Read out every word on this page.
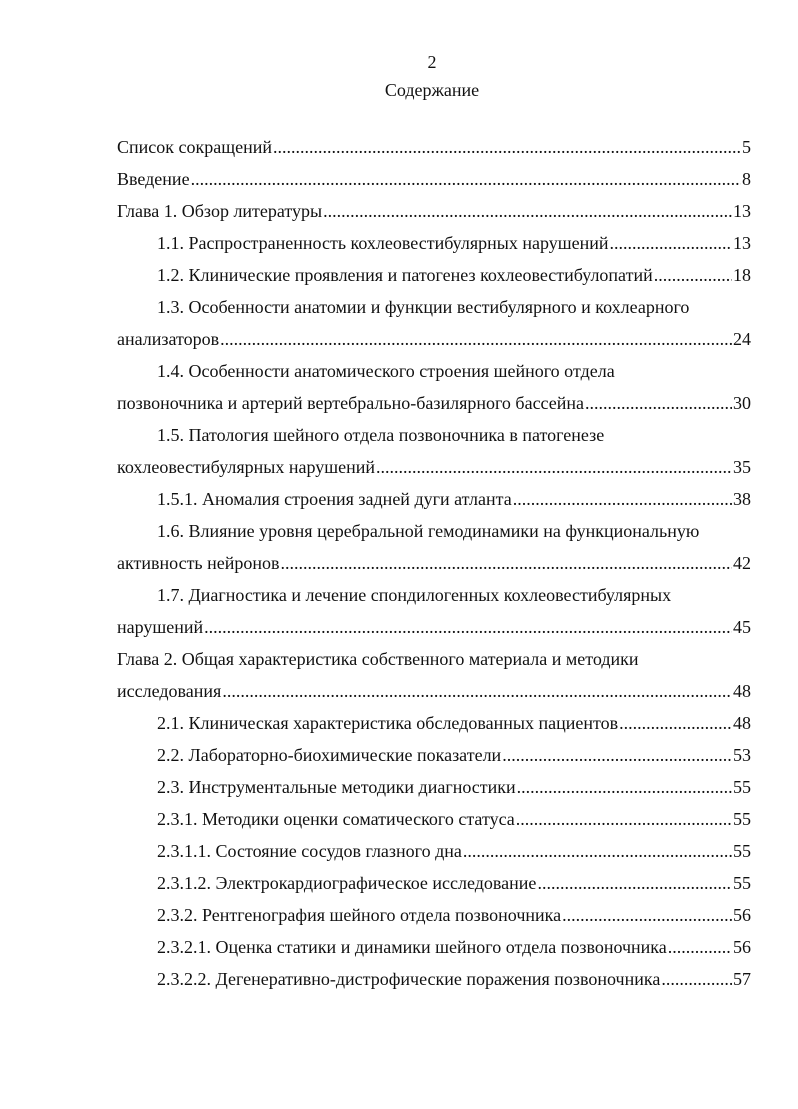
2
Содержание
Список сокращений .....	5
Введение .....	8
Глава 1. Обзор литературы .....	13
1.1. Распространенность кохлеовестибулярных нарушений .....	13
1.2. Клинические проявления и патогенез кохлеовестибулопатий .....	18
1.3. Особенности анатомии и функции вестибулярного и кохлеарного
анализаторов .....	24
1.4. Особенности анатомического строения шейного отдела
позвоночника и артерий вертебрально-базилярного бассейна .....	30
1.5. Патология шейного отдела позвоночника в патогенезе
кохлеовестибулярных нарушений .....	35
1.5.1. Аномалия строения задней дуги атланта .....	38
1.6. Влияние уровня церебральной гемодинамики на функциональную
активность нейронов .....	42
1.7. Диагностика и лечение спондилогенных кохлеовестибулярных
нарушений .....	45
Глава 2. Общая характеристика собственного материала и методики
исследования .....	48
2.1. Клиническая характеристика обследованных пациентов .....	48
2.2. Лабораторно-биохимические показатели .....	53
2.3. Инструментальные методики диагностики .....	55
2.3.1. Методики оценки соматического статуса .....	55
2.3.1.1. Состояние сосудов глазного дна .....	55
2.3.1.2. Электрокардиографическое исследование .....	55
2.3.2. Рентгенография шейного отдела позвоночника .....	56
2.3.2.1. Оценка статики и динамики шейного отдела позвоночника .....	56
2.3.2.2. Дегенеративно-дистрофические поражения позвоночника .....	57
